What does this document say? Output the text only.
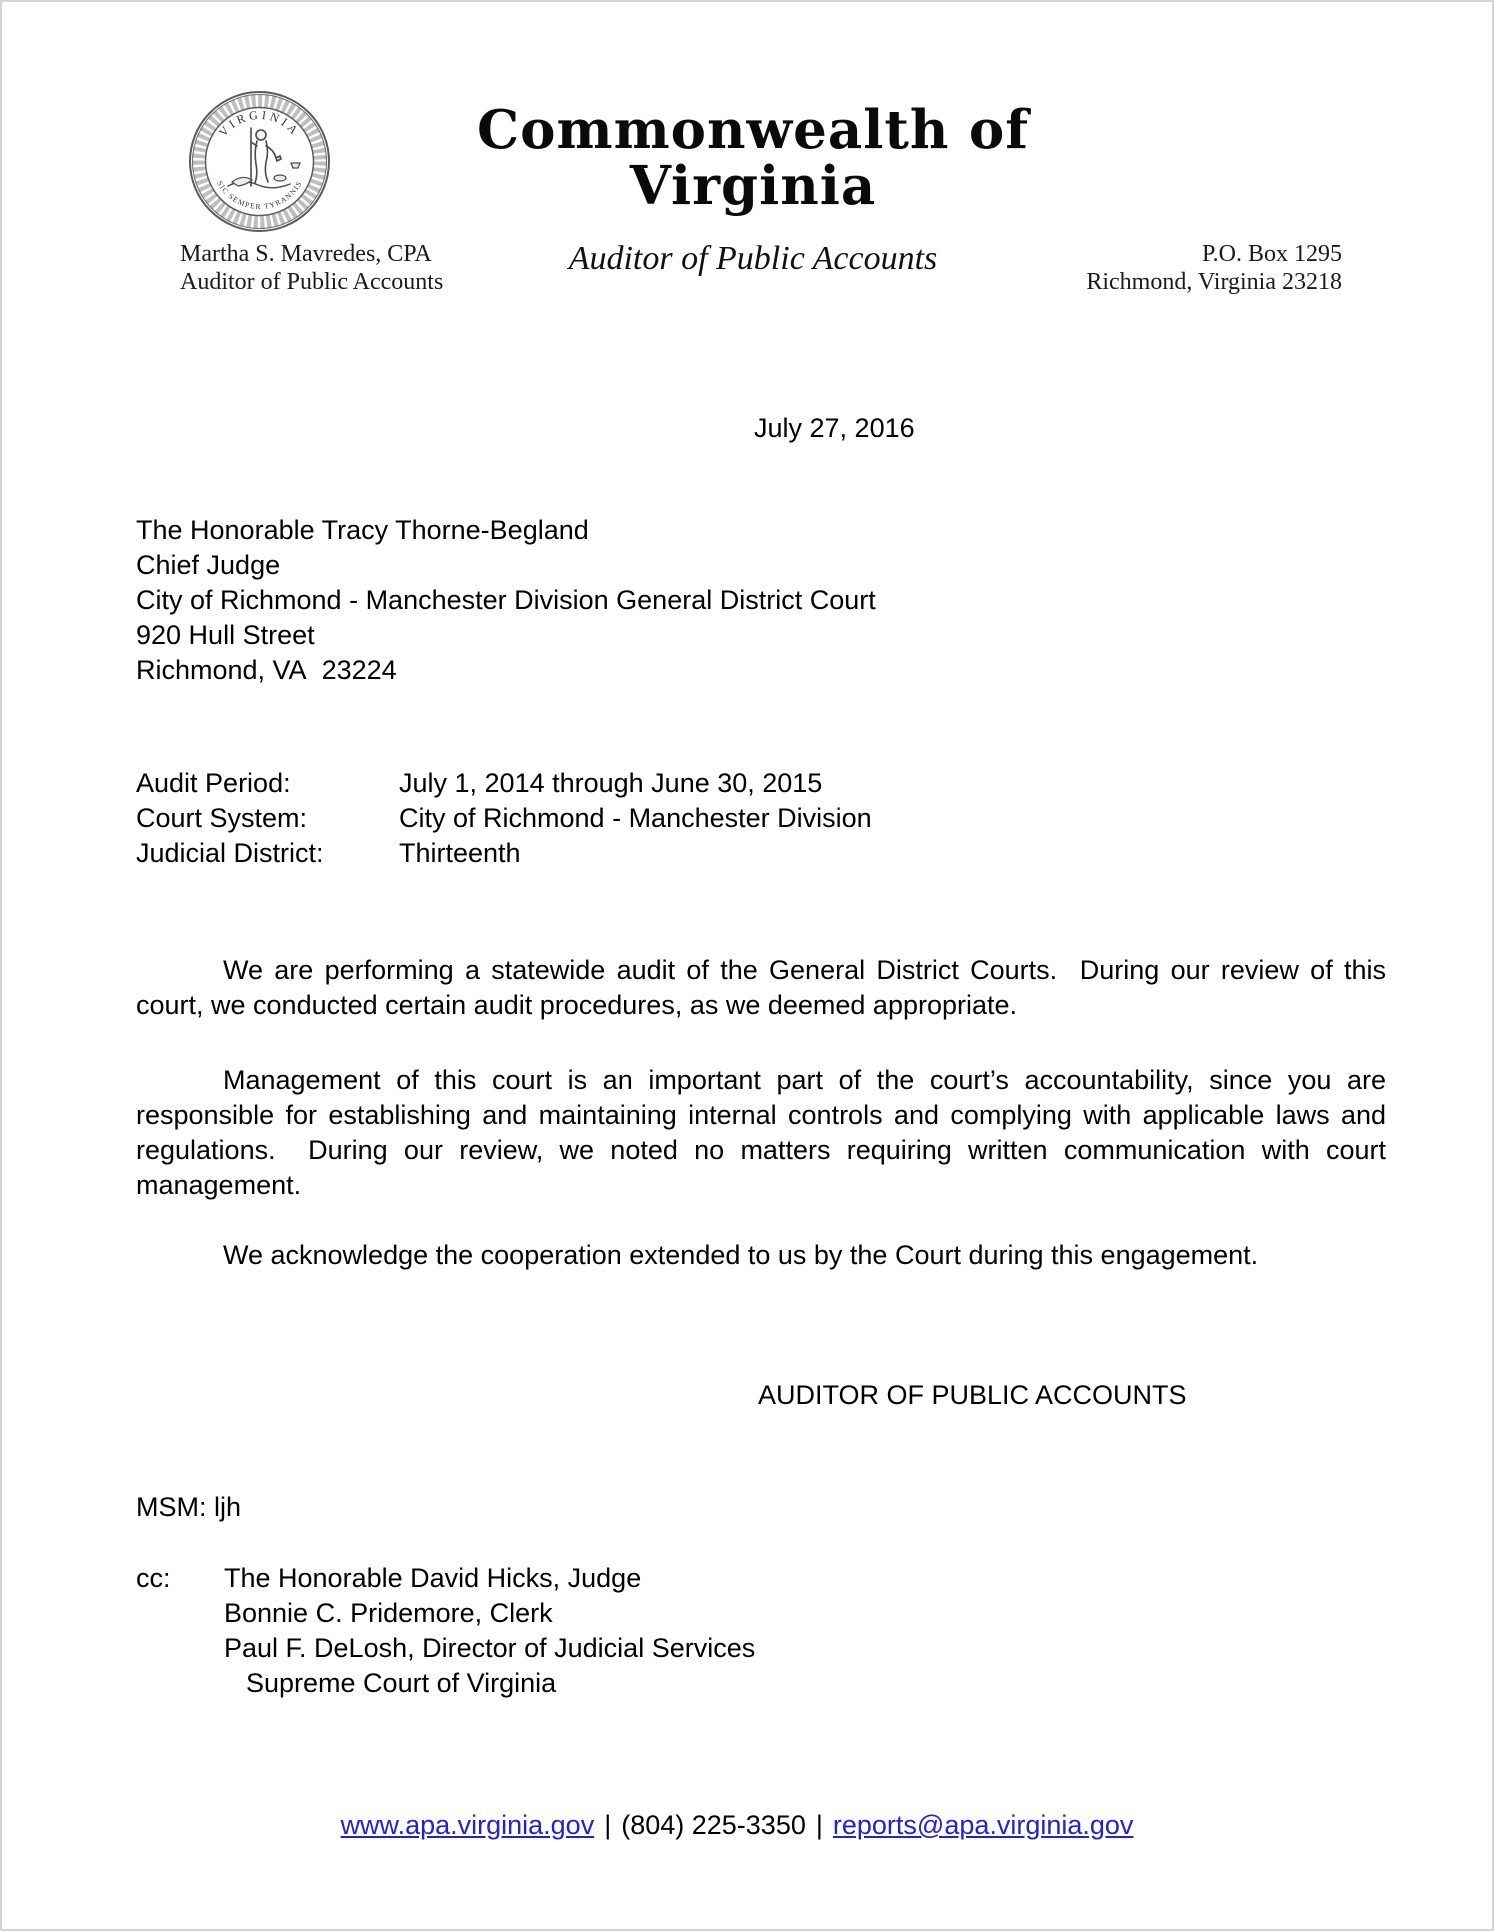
VIRGINIA
SIC SEMPER TYRANNIS
Commonwealth of Virginia
Auditor of Public Accounts
Martha S. Mavredes, CPA
Auditor of Public Accounts
P.O. Box 1295
Richmond, Virginia 23218
July 27, 2016
The Honorable Tracy Thorne-Begland
Chief Judge
City of Richmond - Manchester Division General District Court
920 Hull Street
Richmond, VA  23224
Audit Period:	July 1, 2014 through June 30, 2015
Court System:	City of Richmond - Manchester Division
Judicial District:	Thirteenth
We are performing a statewide audit of the General District Courts.  During our review of this court, we conducted certain audit procedures, as we deemed appropriate.
Management of this court is an important part of the court’s accountability, since you are responsible for establishing and maintaining internal controls and complying with applicable laws and regulations.  During our review, we noted no matters requiring written communication with court management.
We acknowledge the cooperation extended to us by the Court during this engagement.
AUDITOR OF PUBLIC ACCOUNTS
MSM: ljh
cc: The Honorable David Hicks, Judge
Bonnie C. Pridemore, Clerk
Paul F. DeLosh, Director of Judicial Services
Supreme Court of Virginia
www.apa.virginia.gov | (804) 225-3350 | reports@apa.virginia.gov
